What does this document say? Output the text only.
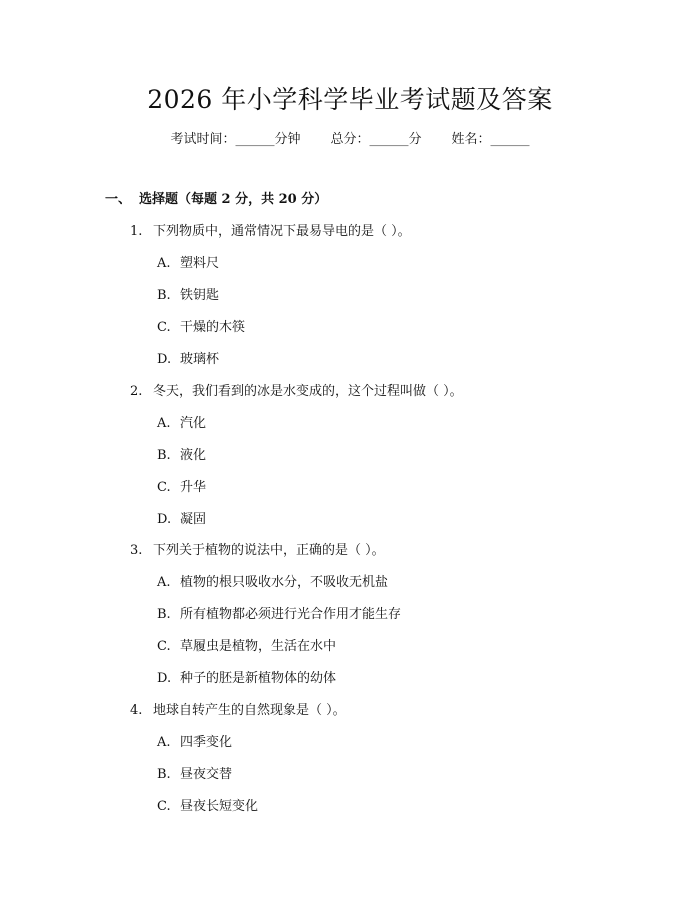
2026 年小学科学毕业考试题及答案
考试时间：______分钟 总分：______分 姓名：______
一、 选择题（每题 2 分，共 20 分）
1. 下列物质中，通常情况下最易导电的是（ ）。
A. 塑料尺
B. 铁钥匙
C. 干燥的木筷
D. 玻璃杯
2. 冬天，我们看到的冰是水变成的，这个过程叫做（ ）。
A. 汽化
B. 液化
C. 升华
D. 凝固
3. 下列关于植物的说法中，正确的是（ ）。
A. 植物的根只吸收水分，不吸收无机盐
B. 所有植物都必须进行光合作用才能生存
C. 草履虫是植物，生活在水中
D. 种子的胚是新植物体的幼体
4. 地球自转产生的自然现象是（ ）。
A. 四季变化
B. 昼夜交替
C. 昼夜长短变化
